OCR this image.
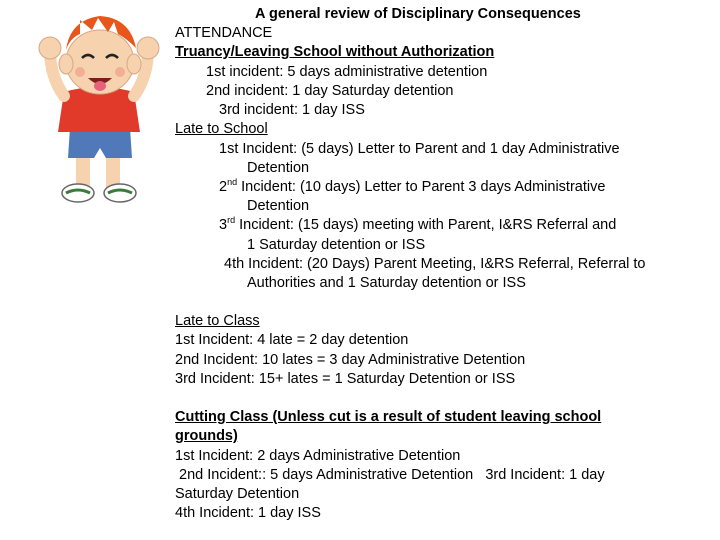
A general review of Disciplinary Consequences
ATTENDANCE
Truancy/Leaving School without Authorization
1st incident: 5 days administrative detention
2nd incident: 1 day Saturday detention
3rd incident: 1 day ISS
Late to School
1st Incident: (5 days) Letter to Parent and 1 day Administrative
Detention
2nd Incident: (10 days) Letter to Parent 3 days Administrative
Detention
3rd Incident: (15 days) meeting with Parent, I&RS Referral and
1 Saturday detention or ISS
4th Incident: (20 Days) Parent Meeting, I&RS Referral, Referral to
Authorities and 1 Saturday detention or ISS
Late to Class
1st Incident: 4 late = 2 day detention
2nd Incident: 10 lates = 3 day Administrative Detention
3rd Incident: 15+ lates = 1 Saturday Detention or ISS
Cutting Class (Unless cut is a result of student leaving school
grounds)
1st Incident: 2 days Administrative Detention
2nd Incident:: 5 days Administrative Detention   3rd Incident: 1 day
Saturday Detention
4th Incident: 1 day ISS
